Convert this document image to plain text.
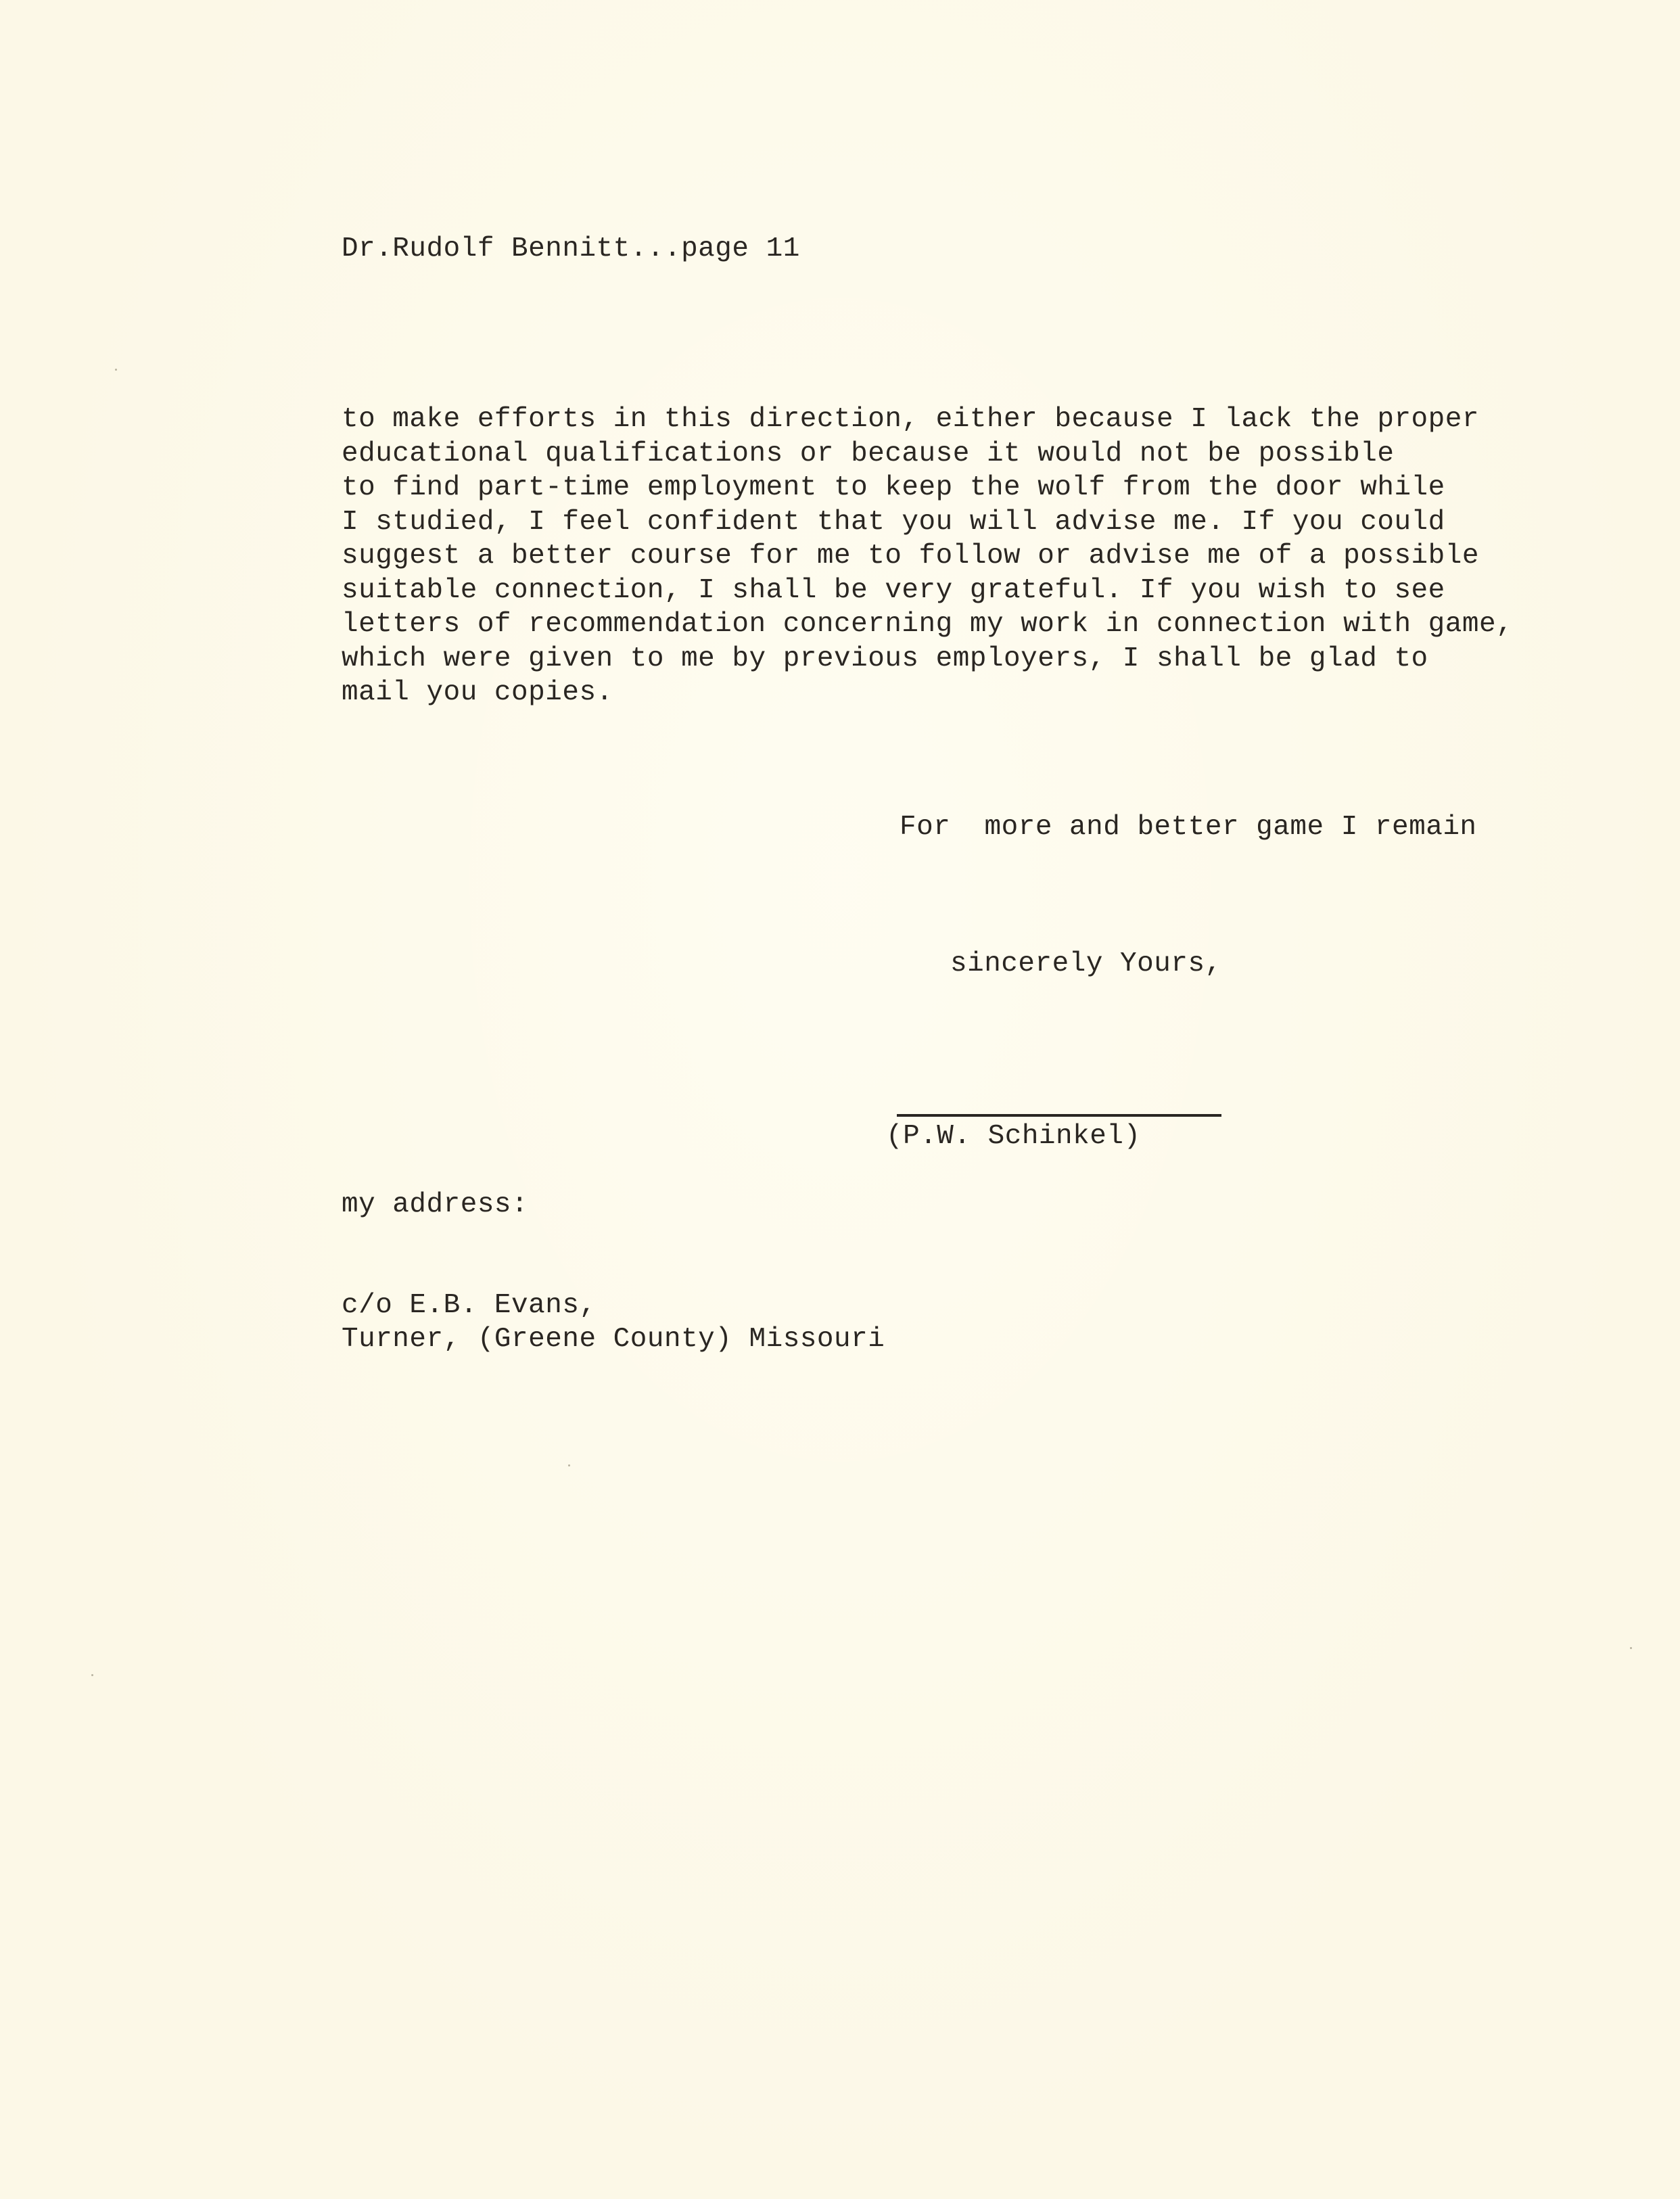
Dr.Rudolf Bennitt...page 11
to make efforts in this direction, either because I lack the proper
educational qualifications or because it would not be possible
to find part-time employment to keep the wolf from the door while
I studied, I feel confident that you will advise me. If you could
suggest a better course for me to follow or advise me of a possible
suitable connection, I shall be very grateful. If you wish to see
letters of recommendation concerning my work in connection with game,
which were given to me by previous employers, I shall be glad to
mail you copies.
For  more and better game I remain
sincerely Yours,
(P.W. Schinkel)
my address:
c/o E.B. Evans,
Turner, (Greene County) Missouri
